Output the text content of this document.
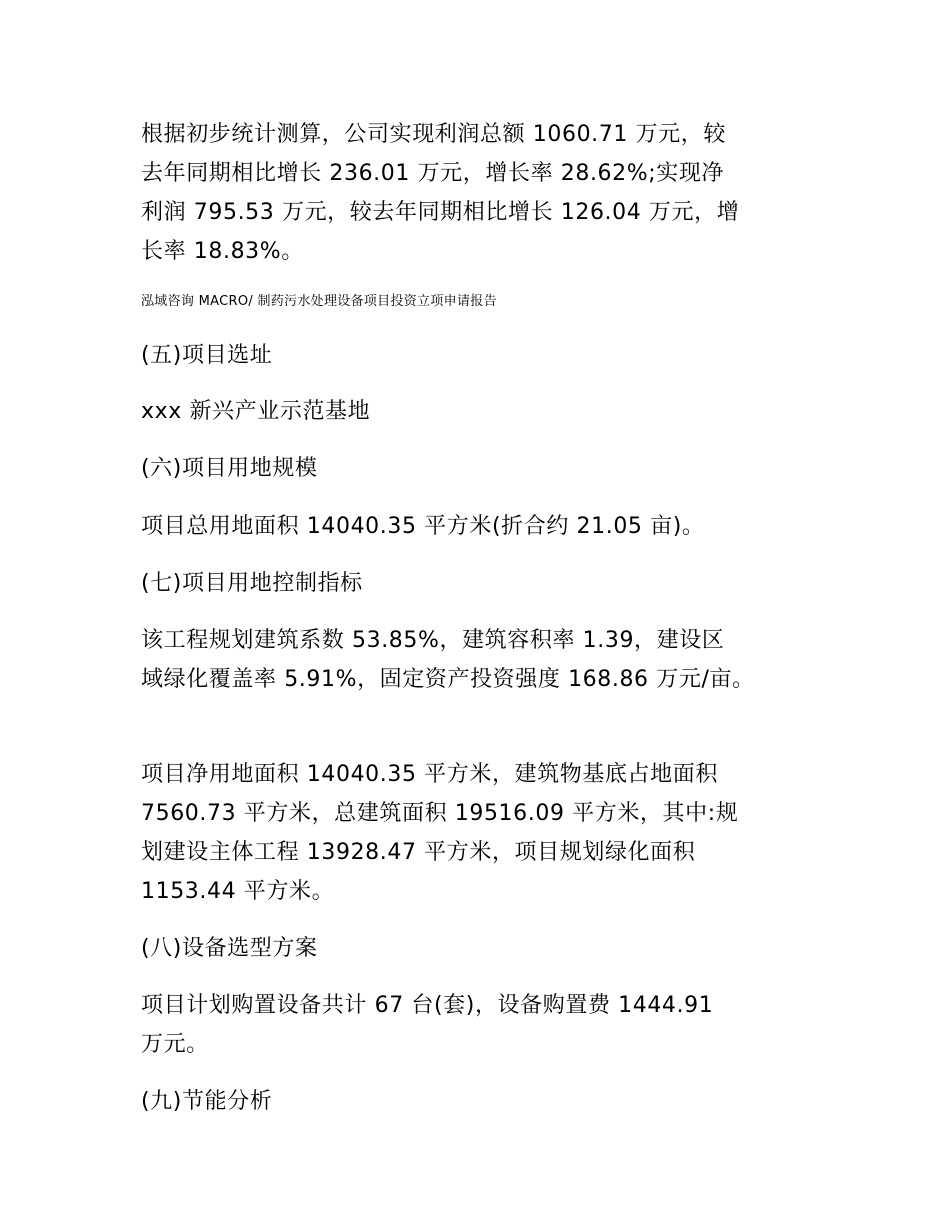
根据初步统计测算，公司实现利润总额 1060.71 万元，较
去年同期相比增长 236.01 万元，增长率 28.62%;实现净
利润 795.53 万元，较去年同期相比增长 126.04 万元，增
长率 18.83%。
泓域咨询 MACRO/ 制药污水处理设备项目投资立项申请报告
(五)项目选址
xxx 新兴产业示范基地
(六)项目用地规模
项目总用地面积 14040.35 平方米(折合约 21.05 亩)。
(七)项目用地控制指标
该工程规划建筑系数 53.85%，建筑容积率 1.39，建设区
域绿化覆盖率 5.91%，固定资产投资强度 168.86 万元/亩。
项目净用地面积 14040.35 平方米，建筑物基底占地面积
7560.73 平方米，总建筑面积 19516.09 平方米，其中:规
划建设主体工程 13928.47 平方米，项目规划绿化面积
1153.44 平方米。
(八)设备选型方案
项目计划购置设备共计 67 台(套)，设备购置费 1444.91
万元。
(九)节能分析
